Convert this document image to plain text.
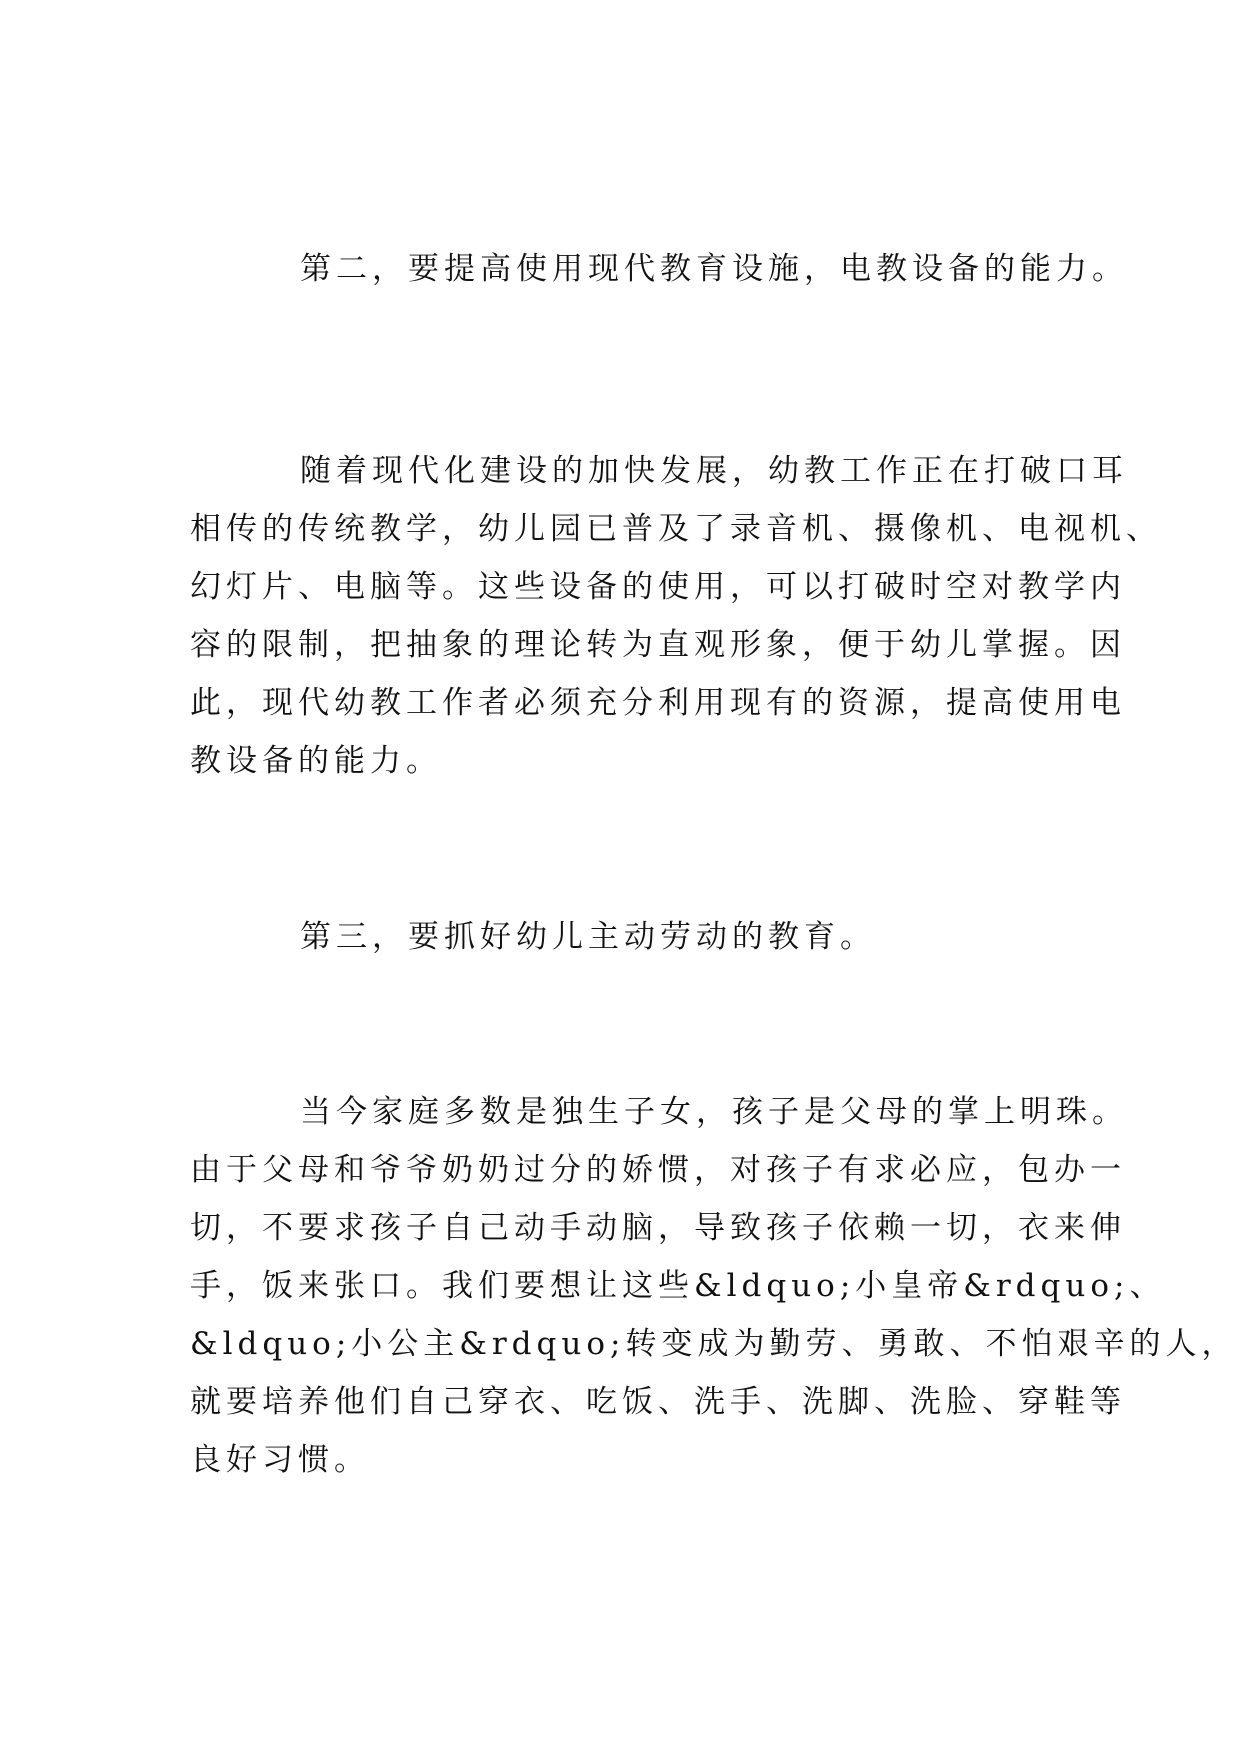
第二，要提高使用现代教育设施，电教设备的能力。
随着现代化建设的加快发展，幼教工作正在打破口耳
相传的传统教学，幼儿园已普及了录音机、摄像机、电视机、
幻灯片、电脑等。这些设备的使用，可以打破时空对教学内
容的限制，把抽象的理论转为直观形象，便于幼儿掌握。因
此，现代幼教工作者必须充分利用现有的资源，提高使用电
教设备的能力。
第三，要抓好幼儿主动劳动的教育。
当今家庭多数是独生子女，孩子是父母的掌上明珠。
由于父母和爷爷奶奶过分的娇惯，对孩子有求必应，包办一
切，不要求孩子自己动手动脑，导致孩子依赖一切，衣来伸
手，饭来张口。我们要想让这些&ldquo;小皇帝&rdquo;、
&ldquo;小公主&rdquo;转变成为勤劳、勇敢、不怕艰辛的人，
就要培养他们自己穿衣、吃饭、洗手、洗脚、洗脸、穿鞋等
良好习惯。
